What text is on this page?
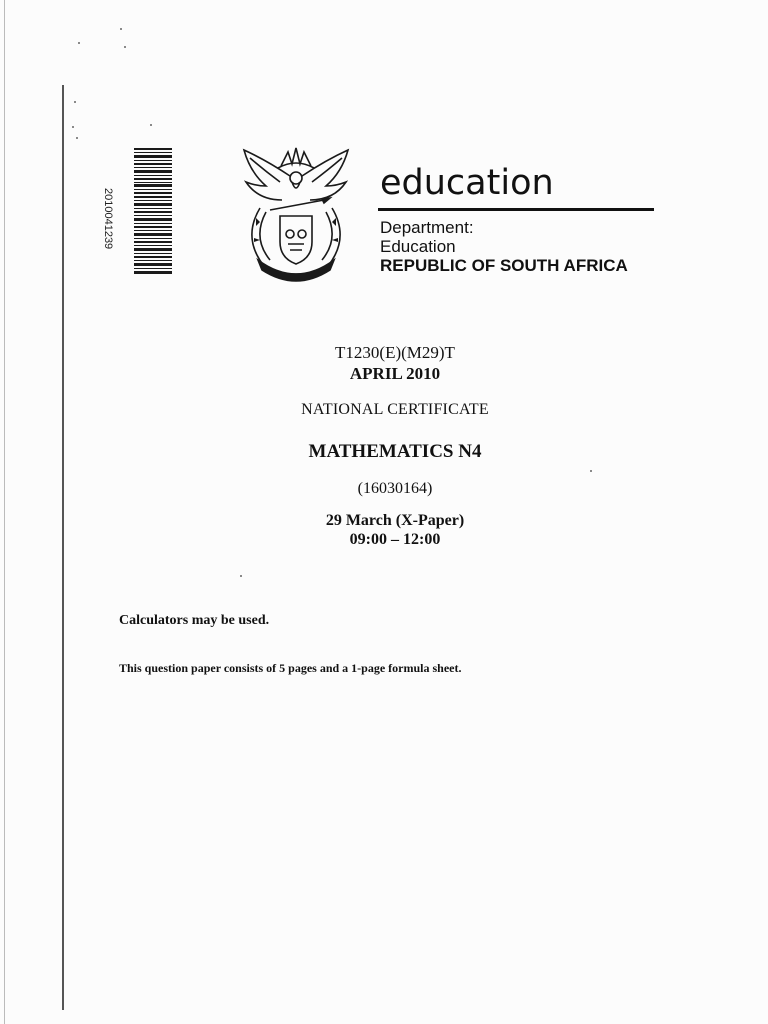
2010041239
education
Department:
Education
REPUBLIC OF SOUTH AFRICA
T1230(E)(M29)T
APRIL 2010
NATIONAL CERTIFICATE
MATHEMATICS N4
(16030164)
29 March (X-Paper)
09:00 – 12:00
Calculators may be used.
This question paper consists of 5 pages and a 1-page formula sheet.
